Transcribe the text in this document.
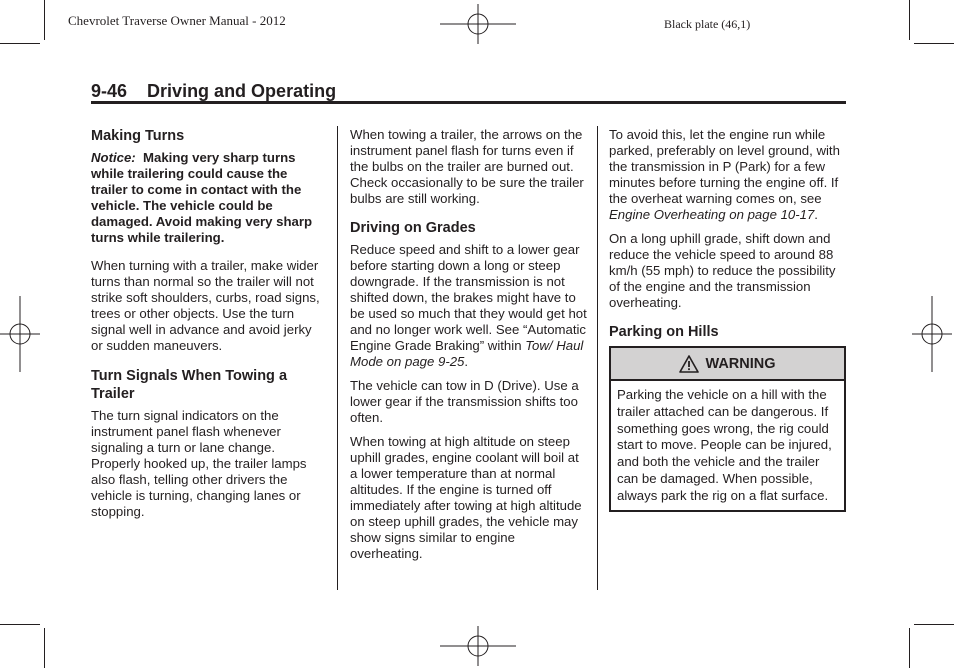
Chevrolet Traverse Owner Manual - 2012	Black plate (46,1)
9-46 Driving and Operating
Making Turns

Notice: Making very sharp turns while trailering could cause the trailer to come in contact with the vehicle. The vehicle could be damaged. Avoid making very sharp turns while trailering.

When turning with a trailer, make wider turns than normal so the trailer will not strike soft shoulders, curbs, road signs, trees or other objects. Use the turn signal well in advance and avoid jerky or sudden maneuvers.

Turn Signals When Towing a Trailer

The turn signal indicators on the instrument panel flash whenever signaling a turn or lane change. Properly hooked up, the trailer lamps also flash, telling other drivers the vehicle is turning, changing lanes or stopping.

When towing a trailer, the arrows on the instrument panel flash for turns even if the bulbs on the trailer are burned out. Check occasionally to be sure the trailer bulbs are still working.

Driving on Grades

Reduce speed and shift to a lower gear before starting down a long or steep downgrade. If the transmission is not shifted down, the brakes might have to be used so much that they would get hot and no longer work well. See “Automatic Engine Grade Braking” within Tow/ Haul Mode on page 9-25.

The vehicle can tow in D (Drive). Use a lower gear if the transmission shifts too often.

When towing at high altitude on steep uphill grades, engine coolant will boil at a lower temperature than at normal altitudes. If the engine is turned off immediately after towing at high altitude on steep uphill grades, the vehicle may show signs similar to engine overheating.

To avoid this, let the engine run while parked, preferably on level ground, with the transmission in P (Park) for a few minutes before turning the engine off. If the overheat warning comes on, see Engine Overheating on page 10-17.

On a long uphill grade, shift down and reduce the vehicle speed to around 88 km/h (55 mph) to reduce the possibility of the engine and the transmission overheating.

Parking on Hills
WARNING
Parking the vehicle on a hill with the trailer attached can be dangerous. If something goes wrong, the rig could start to move. People can be injured, and both the vehicle and the trailer can be damaged. When possible, always park the rig on a flat surface.
